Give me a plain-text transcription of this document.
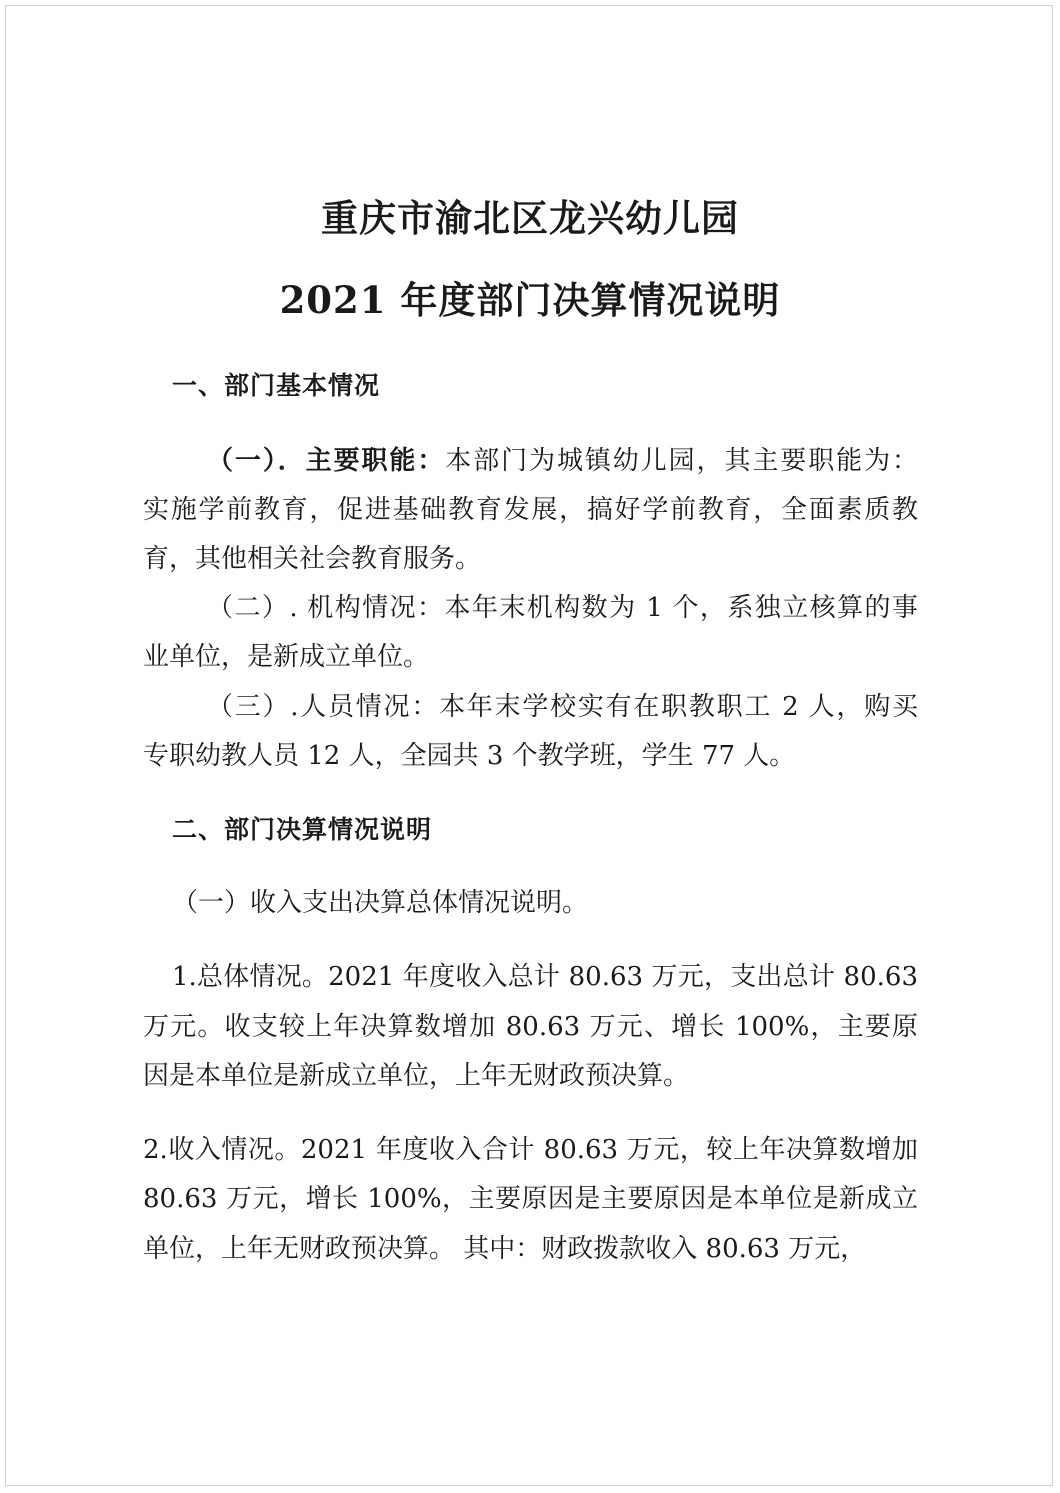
重庆市渝北区龙兴幼儿园
2021 年度部门决算情况说明
一、部门基本情况
（一）．主要职能：本部门为城镇幼儿园，其主要职能为：
实施学前教育，促进基础教育发展，搞好学前教育，全面素质教
育，其他相关社会教育服务。
（二）. 机构情况：本年末机构数为 1 个，系独立核算的事
业单位，是新成立单位。
（三）.人员情况：本年末学校实有在职教职工 2 人，购买
专职幼教人员 12 人，全园共 3 个教学班，学生 77 人。
二、部门决算情况说明
（一）收入支出决算总体情况说明。
1.总体情况。2021 年度收入总计 80.63 万元，支出总计 80.63
万元。收支较上年决算数增加 80.63 万元、增长 100%，主要原
因是本单位是新成立单位，上年无财政预决算。
2.收入情况。2021 年度收入合计 80.63 万元，较上年决算数增加
80.63 万元，增长 100%，主要原因是主要原因是本单位是新成立
单位，上年无财政预决算。 其中：财政拨款收入 80.63 万元，
